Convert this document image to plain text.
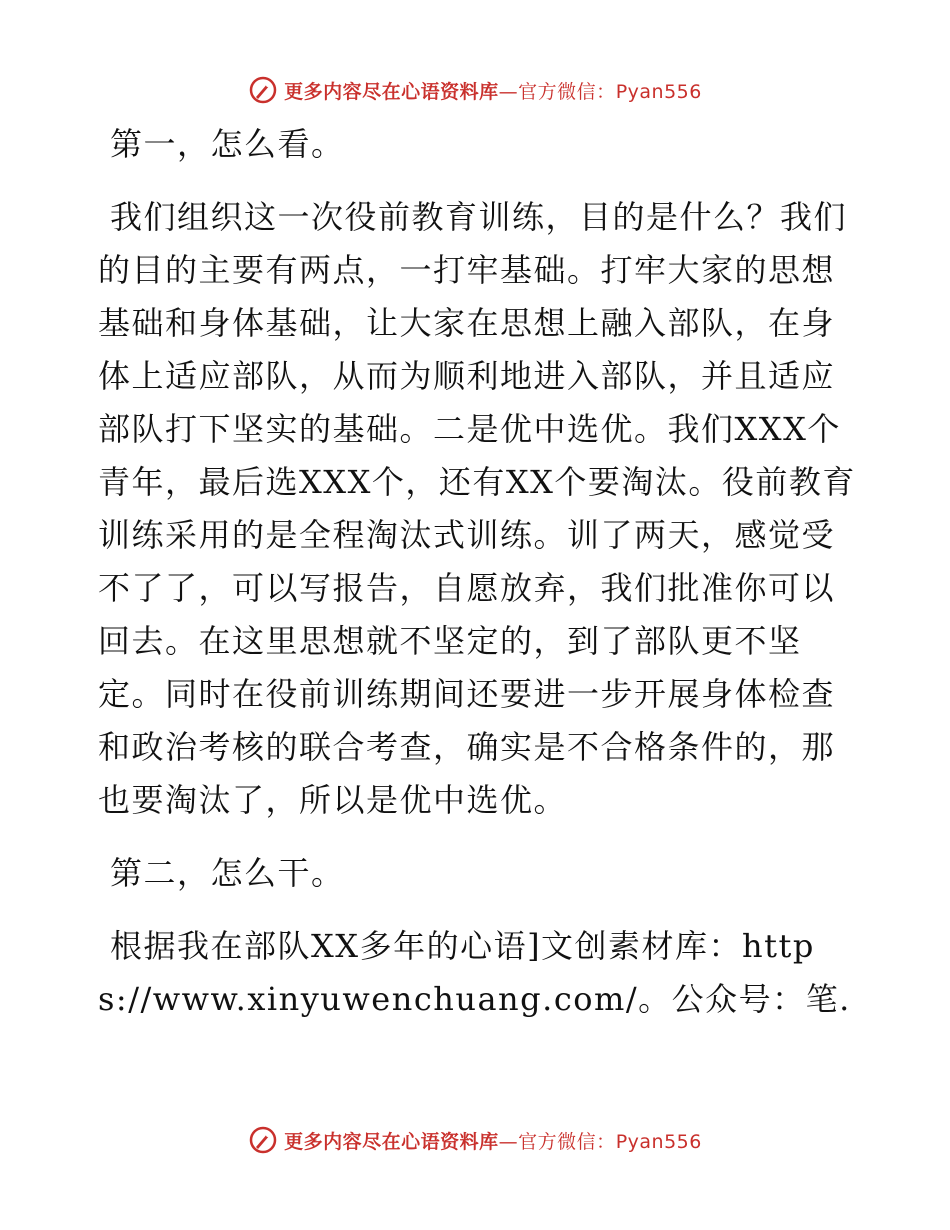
更多内容尽在心语资料库—官方微信：Pyan556

第一，怎么看。

我们组织这一次役前教育训练，目的是什么？我们的目的主要有两点，一打牢基础。打牢大家的思想基础和身体基础，让大家在思想上融入部队，在身体上适应部队，从而为顺利地进入部队，并且适应部队打下坚实的基础。二是优中选优。我们XXX个青年，最后选XXX个，还有XX个要淘汰。役前教育训练采用的是全程淘汰式训练。训了两天，感觉受不了了，可以写报告，自愿放弃，我们批准你可以回去。在这里思想就不坚定的，到了部队更不坚定。同时在役前训练期间还要进一步开展身体检查和政治考核的联合考查，确实是不合格条件的，那也要淘汰了，所以是优中选优。

第二，怎么干。

根据我在部队XX多年的心语]文创素材库：https://www.xinyuwenchuang.com/。公众号：笔.

更多内容尽在心语资料库—官方微信：Pyan556
